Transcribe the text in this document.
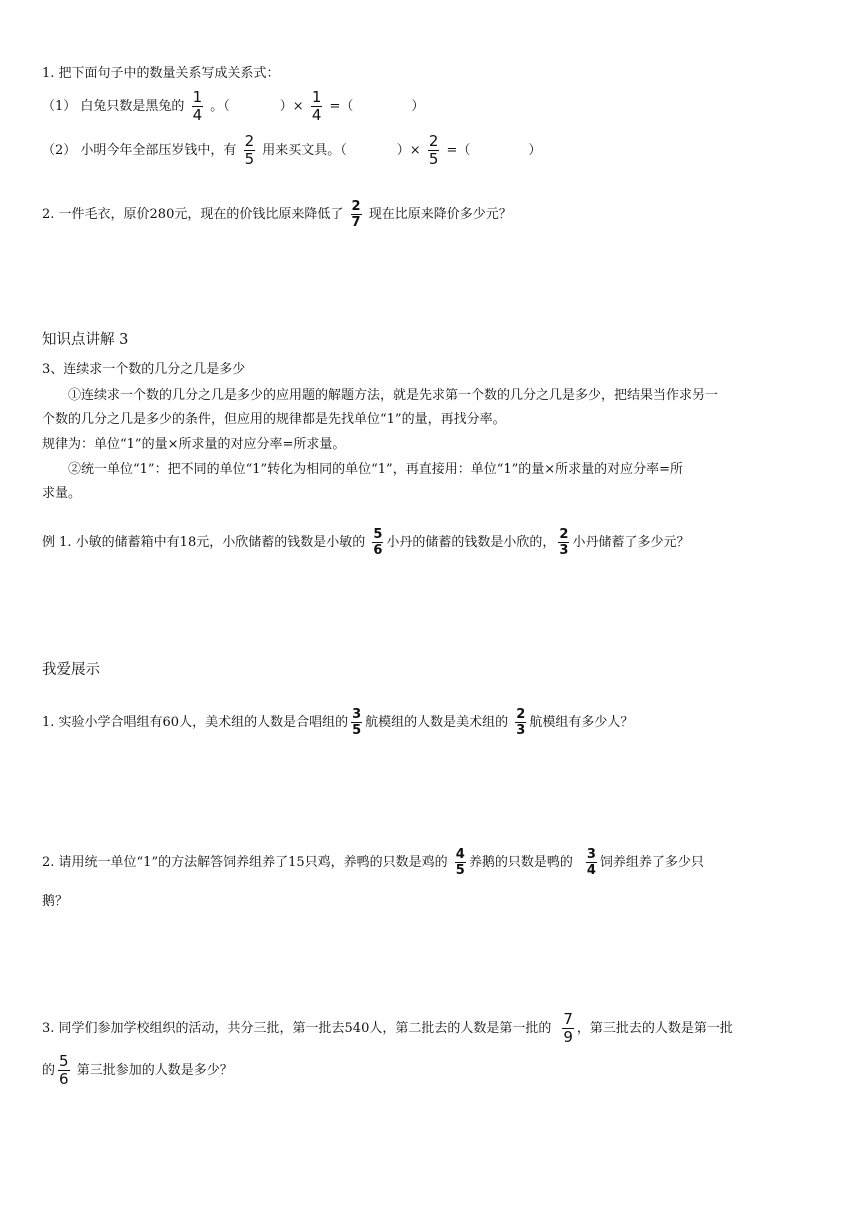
1. 把下面句子中的数量关系写成关系式：
（1） 白兔只数是黑兔的 $\frac{1}{4}$ 。（	）× $\frac{1}{4}$ =（	）
（2） 小明今年全部压岁钱中，有 $\frac{2}{5}$ 用来买文具。（	）× $\frac{2}{5}$ =（	）
2. 一件毛衣，原价280元，现在的价钱比原来降低了 $\frac{2}{7}$ 现在比原来降价多少元？
知识点讲解 3
3、连续求一个数的几分之几是多少
①连续求一个数的几分之几是多少的应用题的解题方法，就是先求第一个数的几分之几是多少，把结果当作求另一
个数的几分之几是多少的条件，但应用的规律都是先找单位“1”的量，再找分率。
规律为：单位“1”的量×所求量的对应分率=所求量。
②统一单位“1”：把不同的单位“1”转化为相同的单位“1”，再直接用：单位“1”的量×所求量的对应分率=所
求量。
例 1. 小敏的储蓄箱中有18元，小欣储蓄的钱数是小敏的 $\frac{5}{6}$ 小丹的储蓄的钱数是小欣的， $\frac{2}{3}$ 小丹储蓄了多少元？
我爱展示
1. 实验小学合唱组有60人，美术组的人数是合唱组的 $\frac{3}{5}$ 航模组的人数是美术组的 $\frac{2}{3}$ 航模组有多少人？
2. 请用统一单位“1”的方法解答饲养组养了15只鸡，养鸭的只数是鸡的 $\frac{4}{5}$ 养鹅的只数是鸭的 $\frac{3}{4}$ 饲养组养了多少只
鹅？
3. 同学们参加学校组织的活动，共分三批，第一批去540人，第二批去的人数是第一批的 $\frac{7}{9}$ ，第三批去的人数是第一批
的 $\frac{5}{6}$ 第三批参加的人数是多少？
